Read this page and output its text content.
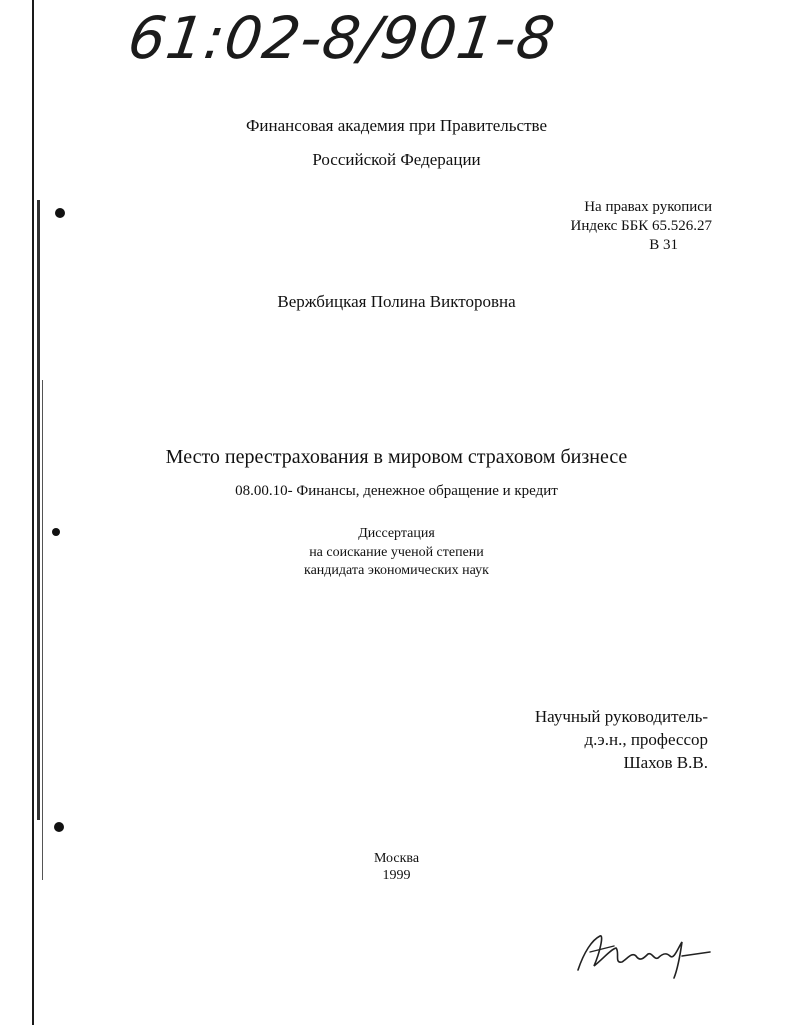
61:02-8/901-8
Финансовая академия при Правительстве
Российской Федерации
На правах рукописи
Индекс ББК 65.526.27
В 31
Вержбицкая Полина Викторовна
Место перестрахования в мировом страховом бизнесе
08.00.10- Финансы, денежное обращение и кредит
Диссертация
на соискание ученой степени
кандидата экономических наук
Научный руководитель-
д.э.н., профессор
Шахов В.В.
Москва
1999
